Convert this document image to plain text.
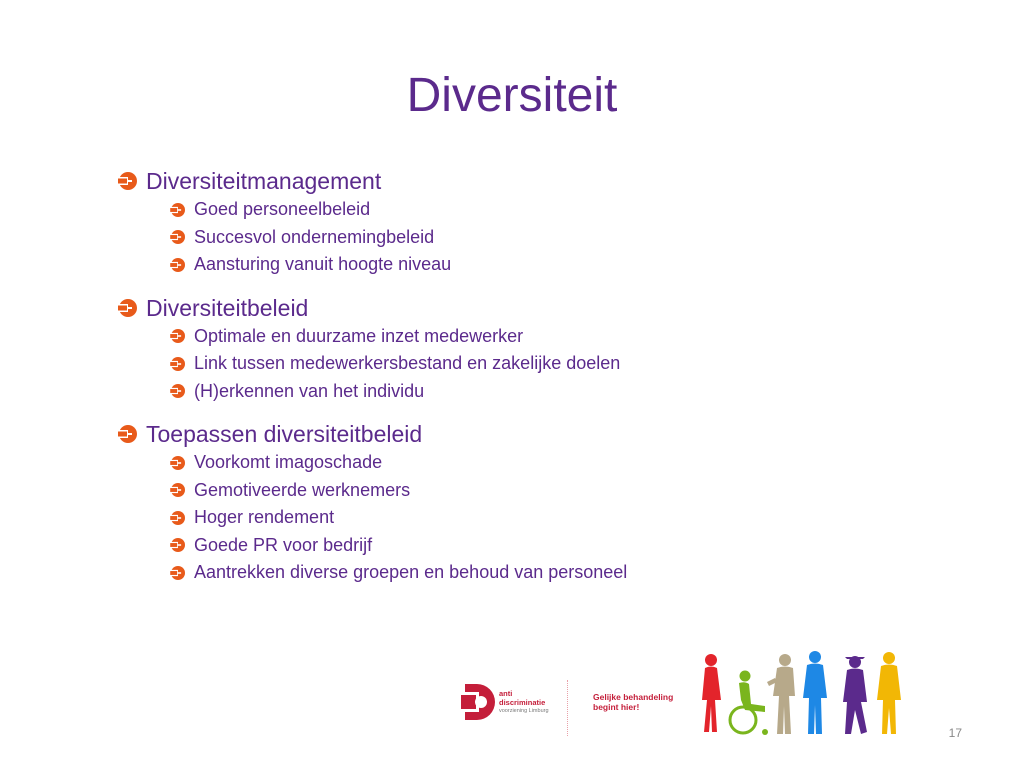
Diversiteit
Diversiteitmanagement
Goed personeelbeleid
Succesvol ondernemingbeleid
Aansturing vanuit hoogte niveau
Diversiteitbeleid
Optimale en duurzame inzet medewerker
Link tussen medewerkersbestand en zakelijke doelen
(H)erkennen van het individu
Toepassen diversiteitbeleid
Voorkomt imagoschade
Gemotiveerde werknemers
Hoger rendement
Goede PR voor bedrijf
Aantrekken diverse groepen en behoud van personeel
anti
discriminatie
voorziening Limburg
Gelijke behandeling
begint hier!
17
